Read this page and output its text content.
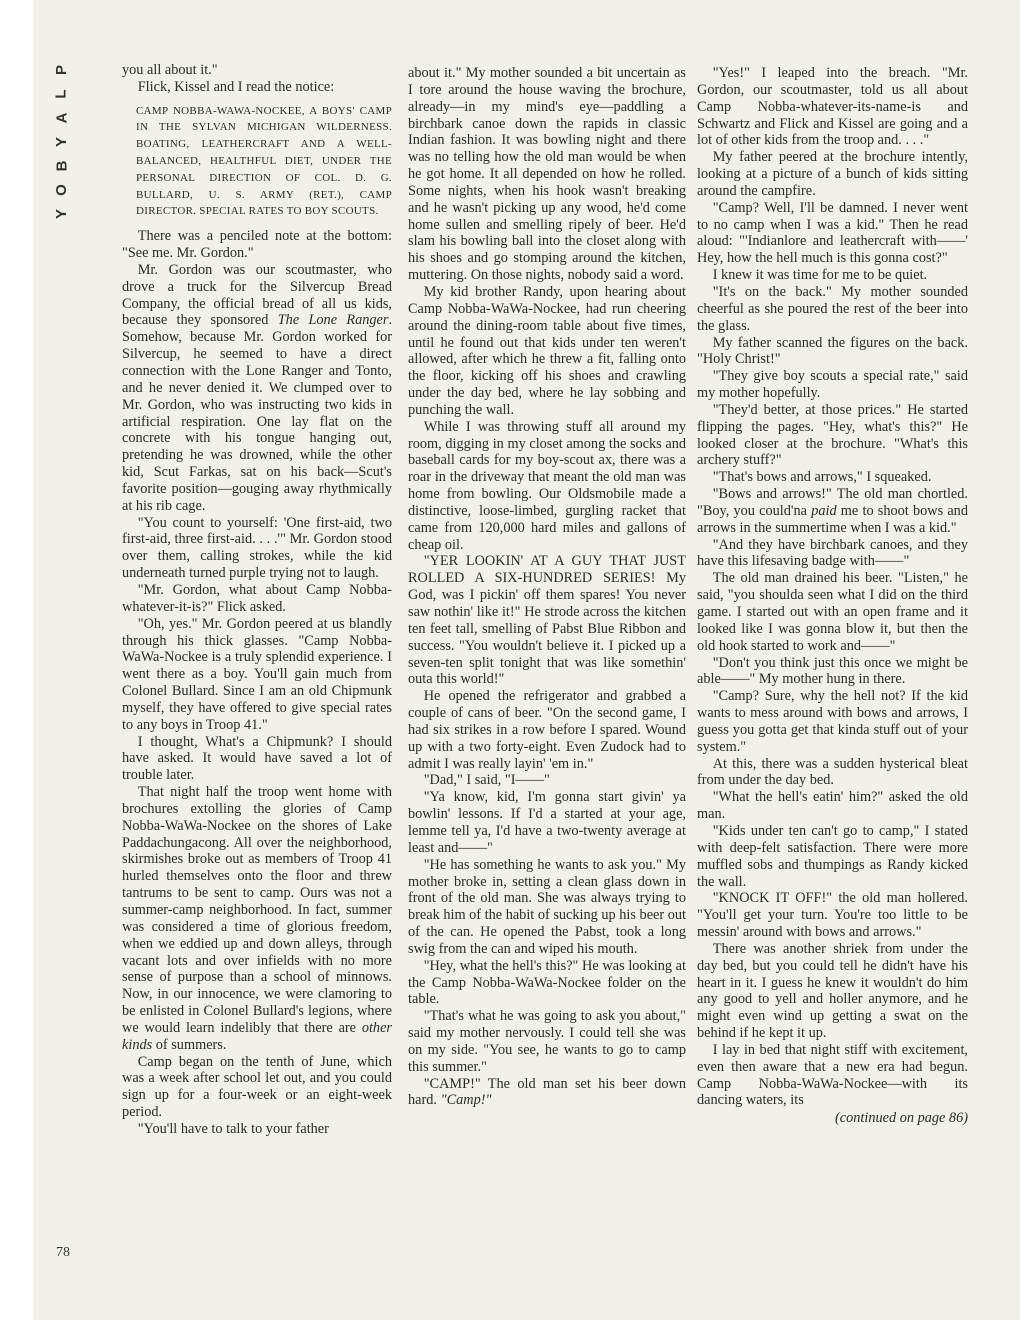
P
L
A
Y
B
O
Y

you all about it."

Flick, Kissel and I read the notice:

CAMP NOBBA-WAWA-NOCKEE, A BOYS' CAMP IN THE SYLVAN MICHIGAN WILDERNESS. BOATING, LEATHERCRAFT AND A WELL-BALANCED, HEALTHFUL DIET, UNDER THE PERSONAL DIRECTION OF COL. D. G. BULLARD, U. S. ARMY (RET.), CAMP DIRECTOR. SPECIAL RATES TO BOY SCOUTS.

There was a penciled note at the bottom: "See me. Mr. Gordon."

Mr. Gordon was our scoutmaster, who drove a truck for the Silvercup Bread Company, the official bread of all us kids, because they sponsored The Lone Ranger. Somehow, because Mr. Gordon worked for Silvercup, he seemed to have a direct connection with the Lone Ranger and Tonto, and he never denied it. We clumped over to Mr. Gordon, who was instructing two kids in artificial respiration. One lay flat on the concrete with his tongue hanging out, pretending he was drowned, while the other kid, Scut Farkas, sat on his back—Scut's favorite position—gouging away rhythmically at his rib cage.

"You count to yourself: 'One first-aid, two first-aid, three first-aid. . . .'" Mr. Gordon stood over them, calling strokes, while the kid underneath turned purple trying not to laugh.

"Mr. Gordon, what about Camp Nobba-whatever-it-is?" Flick asked.

"Oh, yes." Mr. Gordon peered at us blandly through his thick glasses. "Camp Nobba-WaWa-Nockee is a truly splendid experience. I went there as a boy. You'll gain much from Colonel Bullard. Since I am an old Chipmunk myself, they have offered to give special rates to any boys in Troop 41."

I thought, What's a Chipmunk? I should have asked. It would have saved a lot of trouble later.

That night half the troop went home with brochures extolling the glories of Camp Nobba-WaWa-Nockee on the shores of Lake Paddachungacong. All over the neighborhood, skirmishes broke out as members of Troop 41 hurled themselves onto the floor and threw tantrums to be sent to camp. Ours was not a summer-camp neighborhood. In fact, summer was considered a time of glorious freedom, when we eddied up and down alleys, through vacant lots and over infields with no more sense of purpose than a school of minnows. Now, in our innocence, we were clamoring to be enlisted in Colonel Bullard's legions, where we would learn indelibly that there are other kinds of summers.

Camp began on the tenth of June, which was a week after school let out, and you could sign up for a four-week or an eight-week period.

"You'll have to talk to your father

about it." My mother sounded a bit uncertain as I tore around the house waving the brochure, already—in my mind's eye—paddling a birchbark canoe down the rapids in classic Indian fashion. It was bowling night and there was no telling how the old man would be when he got home. It all depended on how he rolled. Some nights, when his hook wasn't breaking and he wasn't picking up any wood, he'd come home sullen and smelling ripely of beer. He'd slam his bowling ball into the closet along with his shoes and go stomping around the kitchen, muttering. On those nights, nobody said a word.

My kid brother Randy, upon hearing about Camp Nobba-WaWa-Nockee, had run cheering around the dining-room table about five times, until he found out that kids under ten weren't allowed, after which he threw a fit, falling onto the floor, kicking off his shoes and crawling under the day bed, where he lay sobbing and punching the wall.

While I was throwing stuff all around my room, digging in my closet among the socks and baseball cards for my boy-scout ax, there was a roar in the driveway that meant the old man was home from bowling. Our Oldsmobile made a distinctive, loose-limbed, gurgling racket that came from 120,000 hard miles and gallons of cheap oil.

"YER LOOKIN' AT A GUY THAT JUST ROLLED A SIX-HUNDRED SERIES! My God, was I pickin' off them spares! You never saw nothin' like it!" He strode across the kitchen ten feet tall, smelling of Pabst Blue Ribbon and success. "You wouldn't believe it. I picked up a seven-ten split tonight that was like somethin' outa this world!"

He opened the refrigerator and grabbed a couple of cans of beer. "On the second game, I had six strikes in a row before I spared. Wound up with a two forty-eight. Even Zudock had to admit I was really layin' 'em in."

"Dad," I said, "I——"

"Ya know, kid, I'm gonna start givin' ya bowlin' lessons. If I'd a started at your age, lemme tell ya, I'd have a two-twenty average at least and——"

"He has something he wants to ask you." My mother broke in, setting a clean glass down in front of the old man. She was always trying to break him of the habit of sucking up his beer out of the can. He opened the Pabst, took a long swig from the can and wiped his mouth.

"Hey, what the hell's this?" He was looking at the Camp Nobba-WaWa-Nockee folder on the table.

"That's what he was going to ask you about," said my mother nervously. I could tell she was on my side. "You see, he wants to go to camp this summer."

"CAMP!" The old man set his beer down hard. "Camp!"

"Yes!" I leaped into the breach. "Mr. Gordon, our scoutmaster, told us all about Camp Nobba-whatever-its-name-is and Schwartz and Flick and Kissel are going and a lot of other kids from the troop and. . . ."

My father peered at the brochure intently, looking at a picture of a bunch of kids sitting around the campfire.

"Camp? Well, I'll be damned. I never went to no camp when I was a kid." Then he read aloud: "'Indianlore and leathercraft with——' Hey, how the hell much is this gonna cost?"

I knew it was time for me to be quiet.

"It's on the back." My mother sounded cheerful as she poured the rest of the beer into the glass.

My father scanned the figures on the back. "Holy Christ!"

"They give boy scouts a special rate," said my mother hopefully.

"They'd better, at those prices." He started flipping the pages. "Hey, what's this?" He looked closer at the brochure. "What's this archery stuff?"

"That's bows and arrows," I squeaked.

"Bows and arrows!" The old man chortled. "Boy, you could'na paid me to shoot bows and arrows in the summertime when I was a kid."

"And they have birchbark canoes, and they have this lifesaving badge with——"

The old man drained his beer. "Listen," he said, "you shoulda seen what I did on the third game. I started out with an open frame and it looked like I was gonna blow it, but then the old hook started to work and——"

"Don't you think just this once we might be able——" My mother hung in there.

"Camp? Sure, why the hell not? If the kid wants to mess around with bows and arrows, I guess you gotta get that kinda stuff out of your system."

At this, there was a sudden hysterical bleat from under the day bed.

"What the hell's eatin' him?" asked the old man.

"Kids under ten can't go to camp," I stated with deep-felt satisfaction. There were more muffled sobs and thumpings as Randy kicked the wall.

"KNOCK IT OFF!" the old man hollered. "You'll get your turn. You're too little to be messin' around with bows and arrows."

There was another shriek from under the day bed, but you could tell he didn't have his heart in it. I guess he knew it wouldn't do him any good to yell and holler anymore, and he might even wind up getting a swat on the behind if he kept it up.

I lay in bed that night stiff with excitement, even then aware that a new era had begun. Camp Nobba-WaWa-Nockee—with its dancing waters, its

(continued on page 86)
78
